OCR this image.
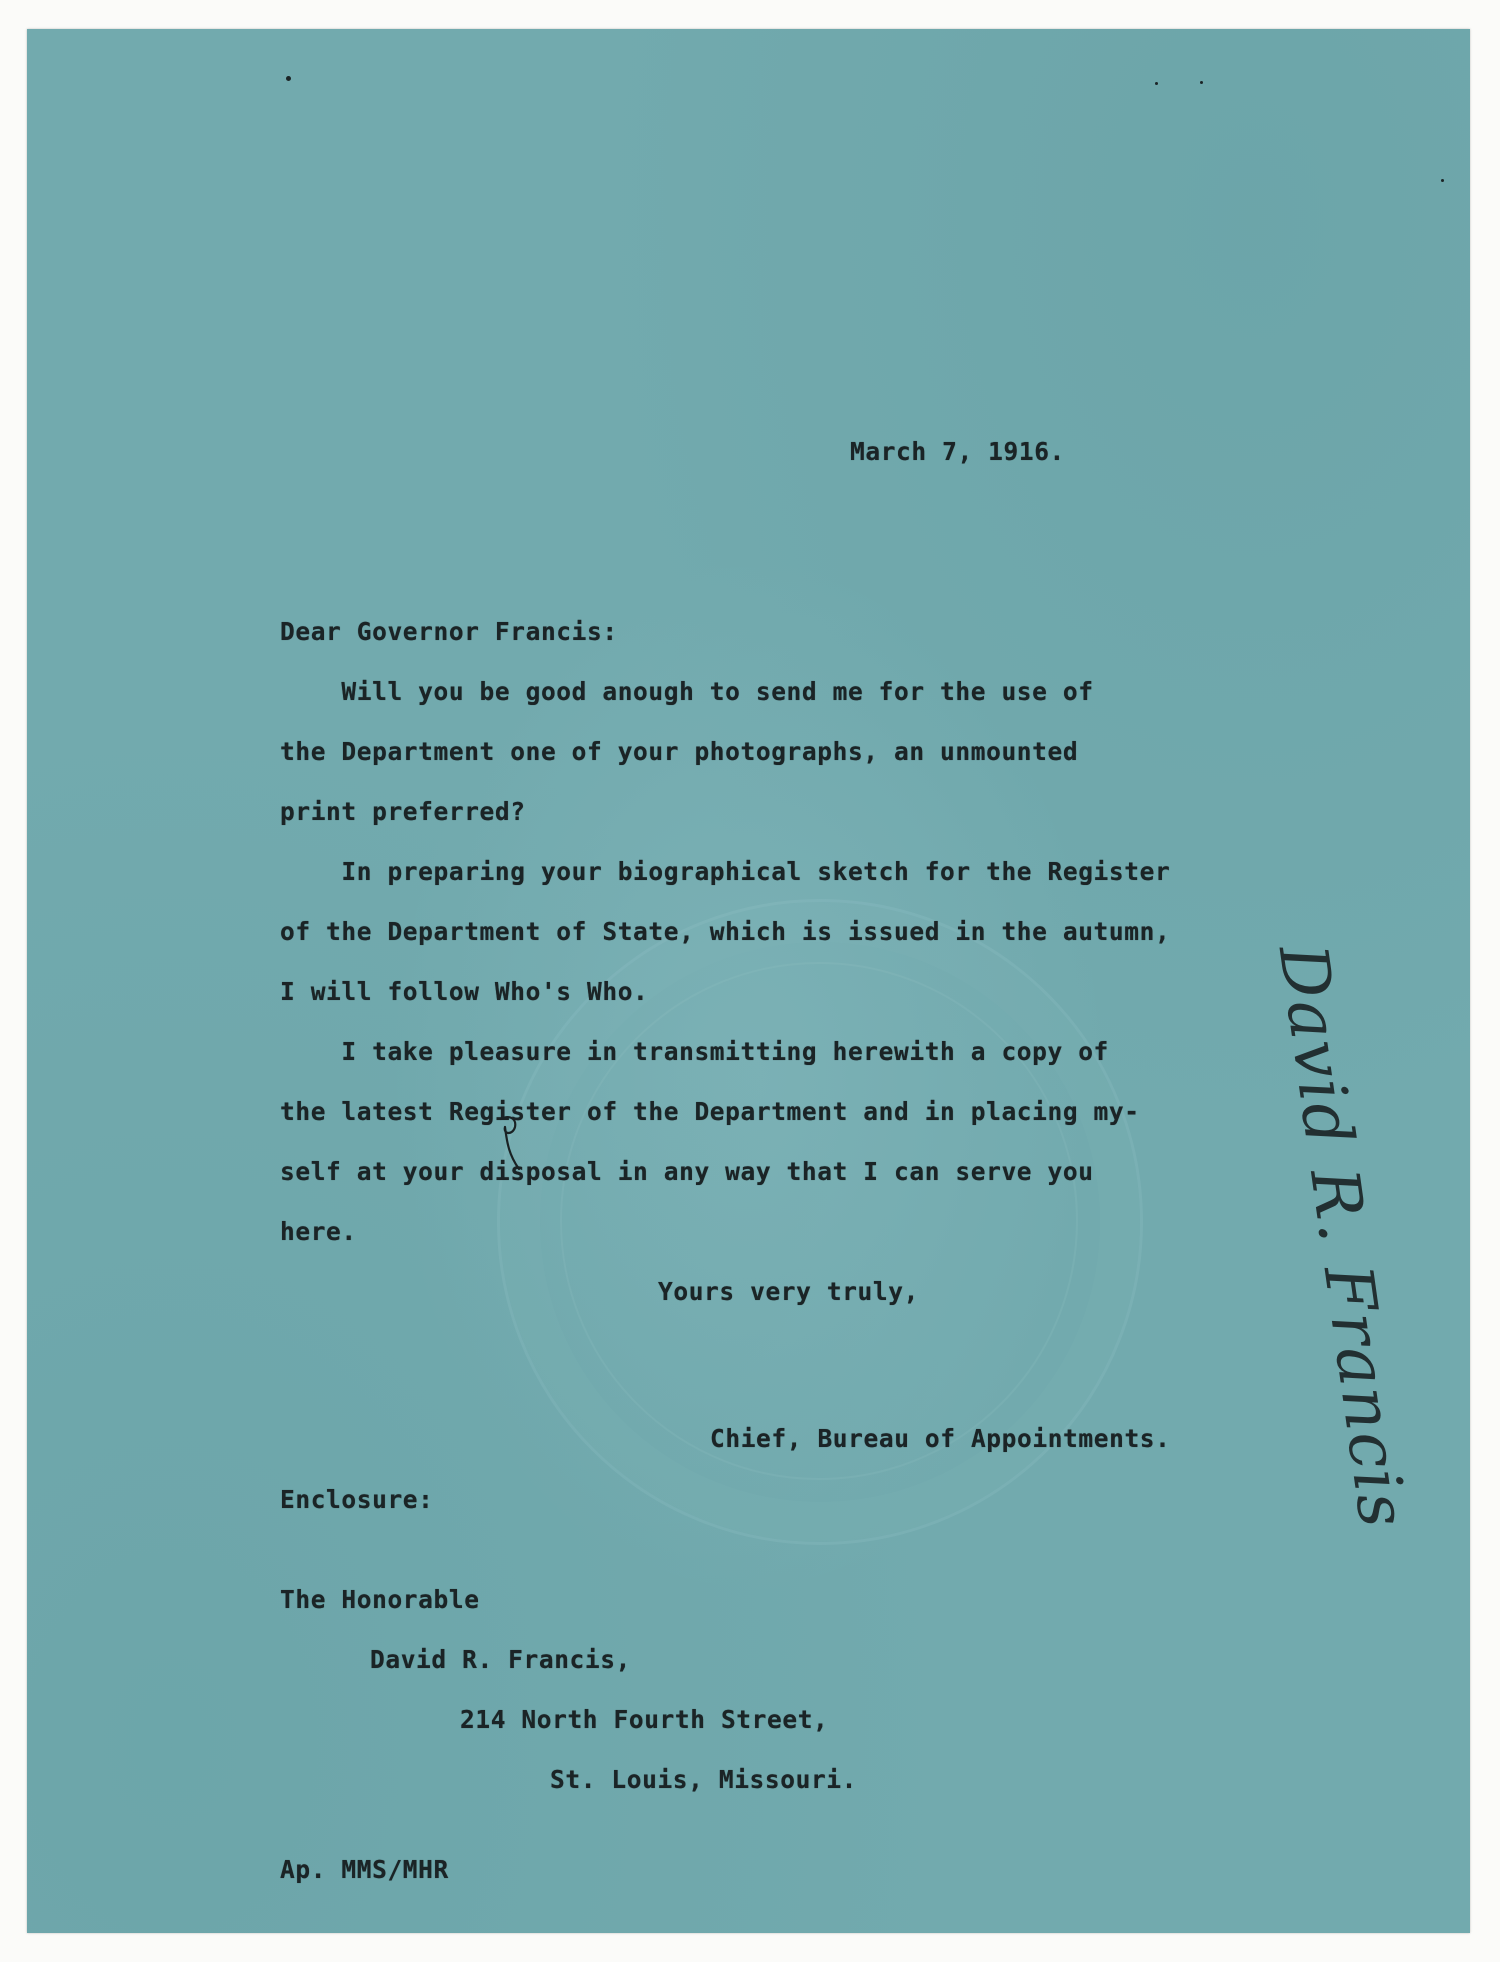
March 7, 1916.
Dear Governor Francis:
Will you be good anough to send me for the use of
the Department one of your photographs, an unmounted
print preferred?
In preparing your biographical sketch for the Register
of the Department of State, which is issued in the autumn,
I will follow Who's Who.
I take pleasure in transmitting herewith a copy of
the latest Register of the Department and in placing my-
self at your disposal in any way that I can serve you
here.
Yours very truly,
Chief, Bureau of Appointments.
Enclosure:
The Honorable
David R. Francis,
214 North Fourth Street,
St. Louis, Missouri.
Ap. MMS/MHR
David R. Francis
